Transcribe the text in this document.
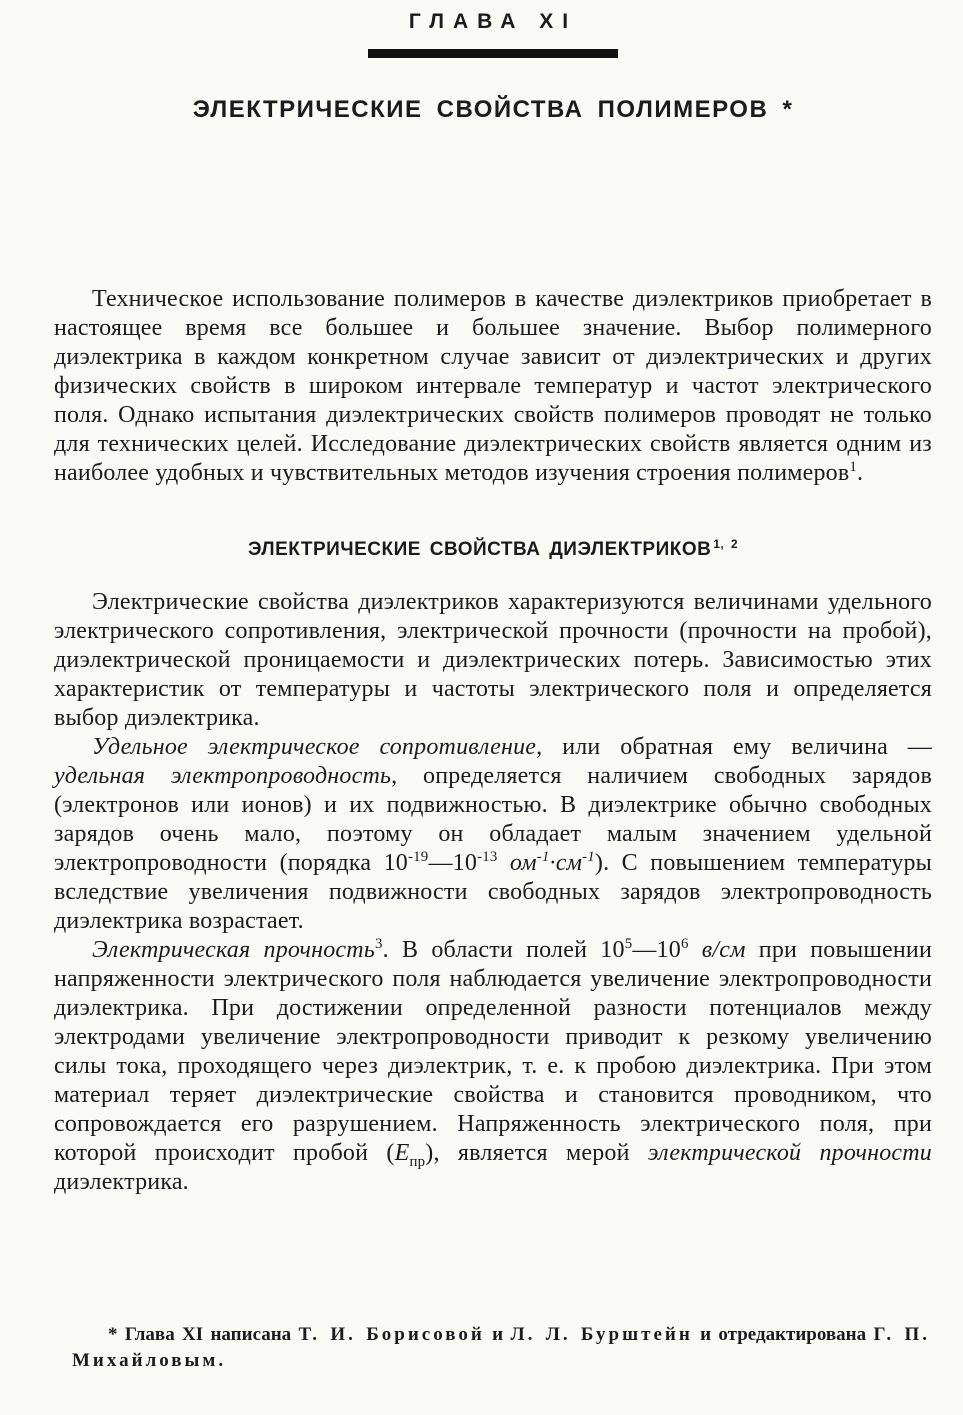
ГЛАВА XI
ЭЛЕКТРИЧЕСКИЕ СВОЙСТВА ПОЛИМЕРОВ *

Техническое использование полимеров в качестве диэлектриков приобретает в настоящее время все большее и большее значение. Выбор полимерного диэлектрика в каждом конкретном случае зависит от диэлектрических и других физических свойств в широком интервале температур и частот электрического поля. Однако испытания диэлектрических свойств полимеров проводят не только для технических целей. Исследование диэлектрических свойств является одним из наиболее удобных и чувствительных методов изучения строения полимеров$^1$.

ЭЛЕКТРИЧЕСКИЕ СВОЙСТВА ДИЭЛЕКТРИКОВ $^{1, 2}$

Электрические свойства диэлектриков характеризуются величинами удельного электрического сопротивления, электрической прочности (прочности на пробой), диэлектрической проницаемости и диэлектрических потерь. Зависимостью этих характеристик от температуры и частоты электрического поля и определяется выбор диэлектрика.

Удельное электрическое сопротивление, или обратная ему величина — удельная электропроводность, определяется наличием свободных зарядов (электронов или ионов) и их подвижностью. В диэлектрике обычно свободных зарядов очень мало, поэтому он обладает малым значением удельной электропроводности (порядка $10^{-19}—10^{-13}$ $ом^{-1}\cdot см^{-1}$). С повышением температуры вследствие увеличения подвижности свободных зарядов электропроводность диэлектрика возрастает.

Электрическая прочность$^3$. В области полей $10^5—10^6$ в/см при повышении напряженности электрического поля наблюдается увеличение электропроводности диэлектрика. При достижении определенной разности потенциалов между электродами увеличение электропроводности приводит к резкому увеличению силы тока, проходящего через диэлектрик, т. е. к пробою диэлектрика. При этом материал теряет диэлектрические свойства и становится проводником, что сопровождается его разрушением. Напряженность электрического поля, при которой происходит пробой $(E_{пр})$, является мерой электрической прочности диэлектрика.

* Глава XI написана Т. И. Борисовой и Л. Л. Бурштейн и отредактирована Г. П. Михайловым.
